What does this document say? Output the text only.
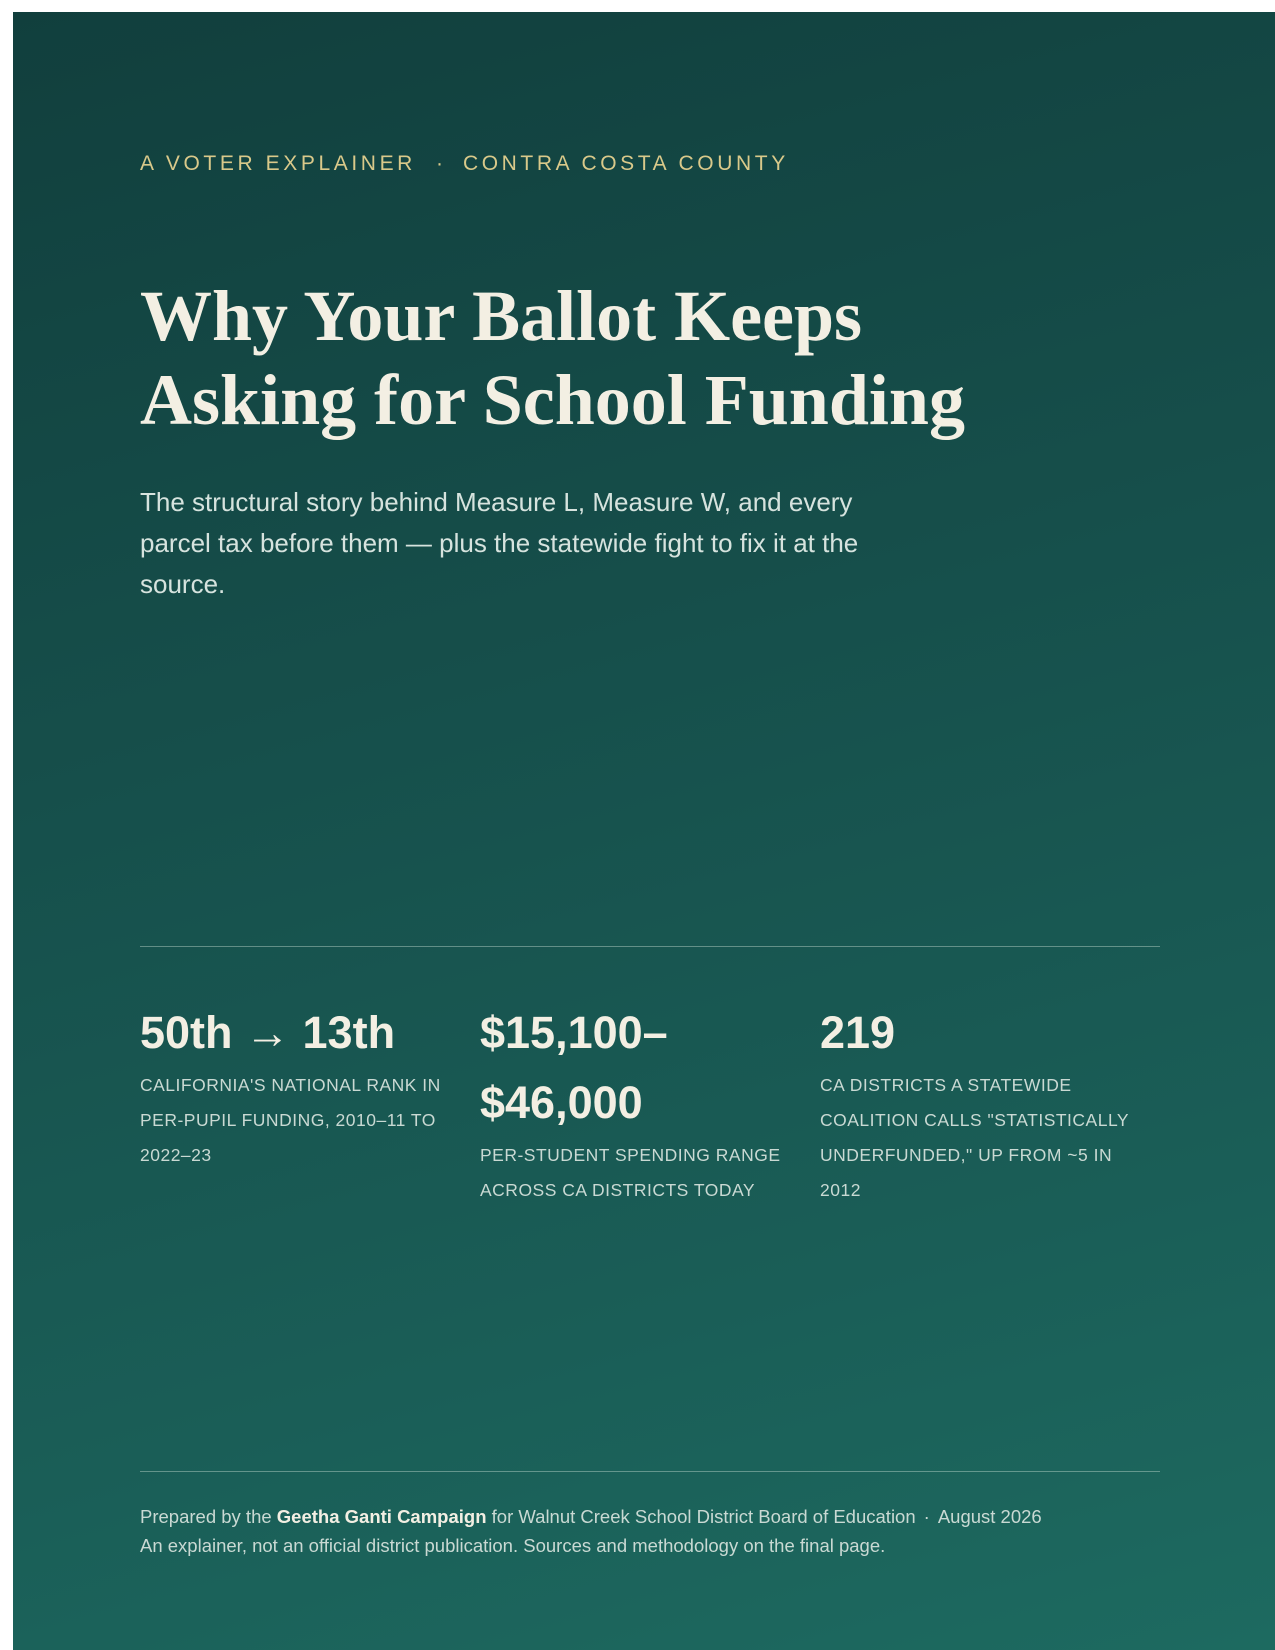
A VOTER EXPLAINER · CONTRA COSTA COUNTY
Why Your Ballot Keeps
Asking for School Funding

The structural story behind Measure L, Measure W, and every parcel tax before them — plus the statewide fight to fix it at the source.

50th → 13th
CALIFORNIA'S NATIONAL RANK IN PER-PUPIL FUNDING, 2010–11 TO 2022–23
$15,100–$46,000
PER-STUDENT SPENDING RANGE ACROSS CA DISTRICTS TODAY
219
CA DISTRICTS A STATEWIDE COALITION CALLS "STATISTICALLY UNDERFUNDED," UP FROM ~5 IN 2012
Prepared by the Geetha Ganti Campaign for Walnut Creek School District Board of Education · August 2026
An explainer, not an official district publication. Sources and methodology on the final page.
